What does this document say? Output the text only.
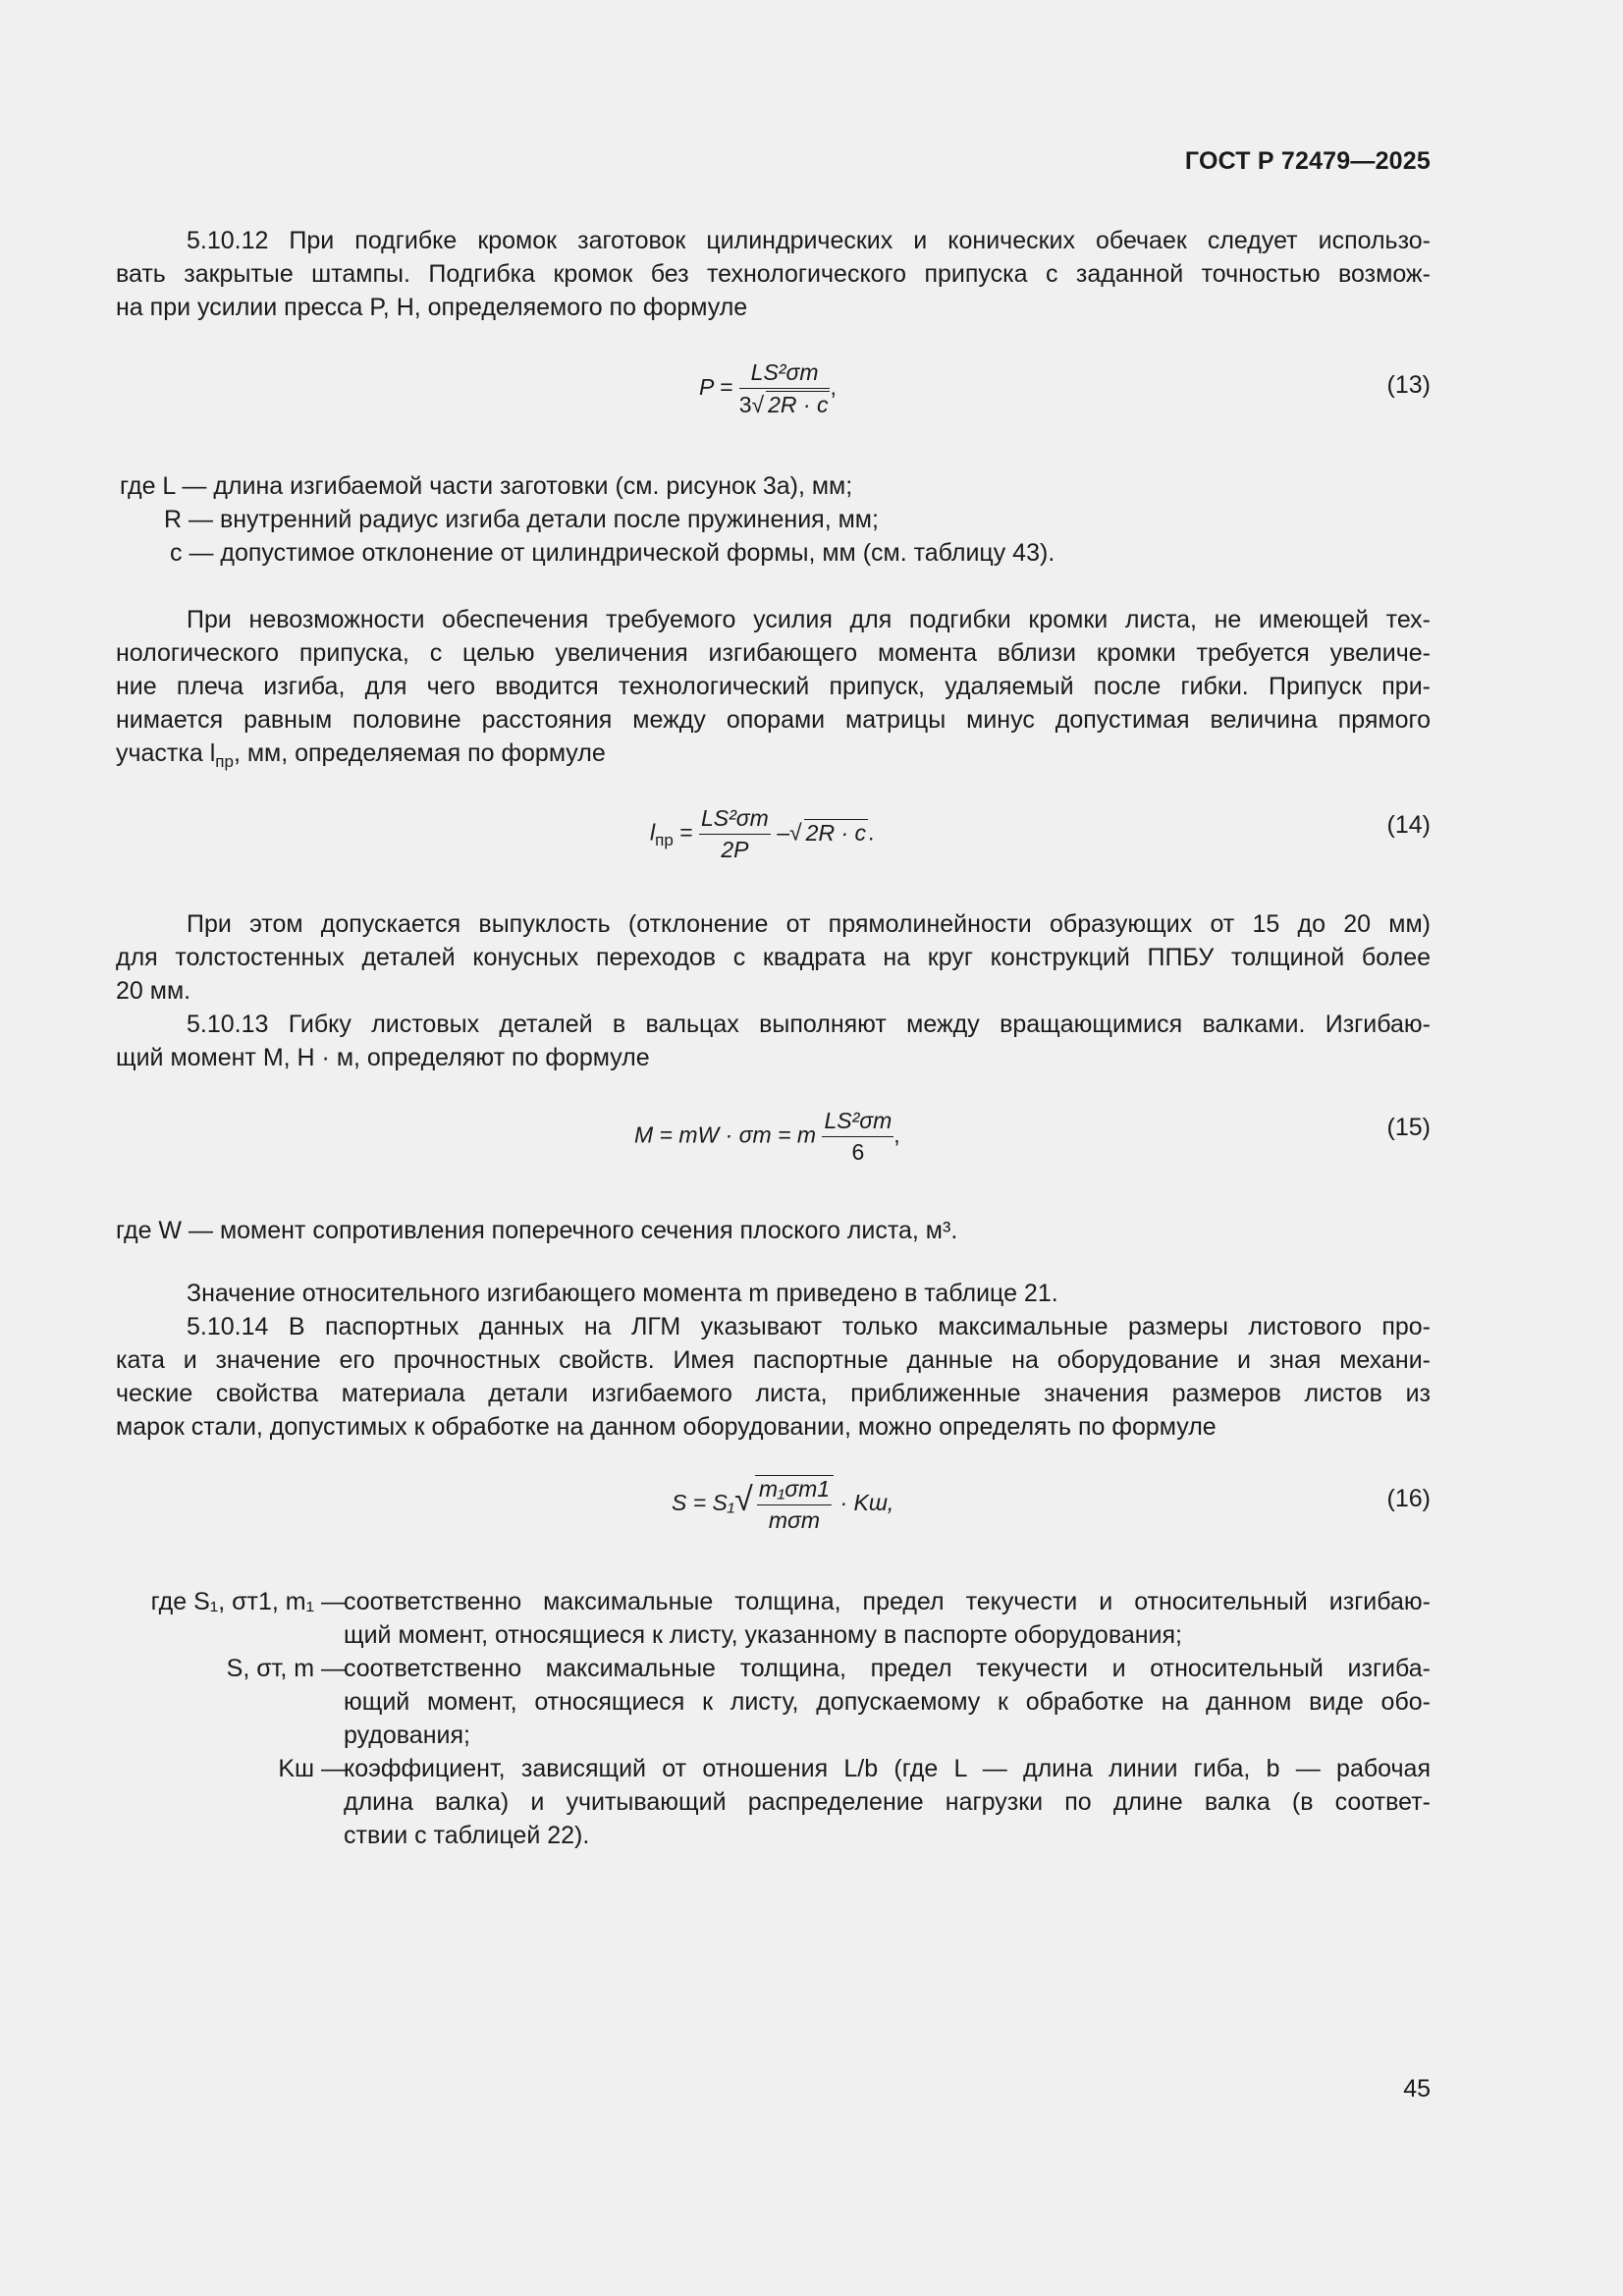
ГОСТ Р 72479—2025
5.10.12 При подгибке кромок заготовок цилиндрических и конических обечаек следует использо-
вать закрытые штампы. Подгибка кромок без технологического припуска с заданной точностью возмож-
на при усилии пресса P, Н, определяемого по формуле
$P = \frac{\text{LS²σт}}{3√ 2R \cdot c}$ ,	(13)
где L — длина изгибаемой части заготовки (см. рисунок 3а), мм;
R — внутренний радиус изгиба детали после пружинения, мм;
c — допустимое отклонение от цилиндрической формы, мм (см. таблицу 43).
При невозможности обеспечения требуемого усилия для подгибки кромки листа, не имеющей тех-
нологического припуска, с целью увеличения изгибающего момента вблизи кромки требуется увеличе-
ние плеча изгиба, для чего вводится технологический припуск, удаляемый после гибки. Припуск при-
нимается равным половине расстояния между опорами матрицы минус допустимая величина прямого
участка $l_{пр}$, мм, определяемая по формуле
$l_{пр} = \frac{\text{LS²σт}}{2P}$ –√ 2R · c.	(14)
При этом допускается выпуклость (отклонение от прямолинейности образующих от 15 до 20 мм)
для толстостенных деталей конусных переходов с квадрата на круг конструкций ППБУ толщиной более
20 мм.
5.10.13 Гибку листовых деталей в вальцах выполняют между вращающимися валками. Изгибаю-
щий момент M, Н · м, определяют по формуле
M = mW · σт = m $\frac{\text{LS²σт}}{6}$ ,	(15)
где W — момент сопротивления поперечного сечения плоского листа, м³.
Значение относительного изгибающего момента m приведено в таблице 21.
5.10.14 В паспортных данных на ЛГМ указывают только максимальные размеры листового про-
ката и значение его прочностных свойств. Имея паспортные данные на оборудование и зная механи-
ческие свойства материала детали изгибаемого листа, приближенные значения размеров листов из
марок стали, допустимых к обработке на данном оборудовании, можно определять по формуле
$S = S_1√ \frac{\text{m₁σт1}}{\text{mσт}}$ · Kш,	(16)
где S₁, σт1, m₁ —
соответственно максимальные толщина, предел текучести и относительный изгибаю-
щий момент, относящиеся к листу, указанному в паспорте оборудования;
S, σт, m —
соответственно максимальные толщина, предел текучести и относительный изгиба-
ющий момент, относящиеся к листу, допускаемому к обработке на данном виде обо-
рудования;
Kш —
коэффициент, зависящий от отношения L/b (где L — длина линии гиба, b — рабочая
длина валка) и учитывающий распределение нагрузки по длине валка (в соответ-
ствии с таблицей 22).
45
